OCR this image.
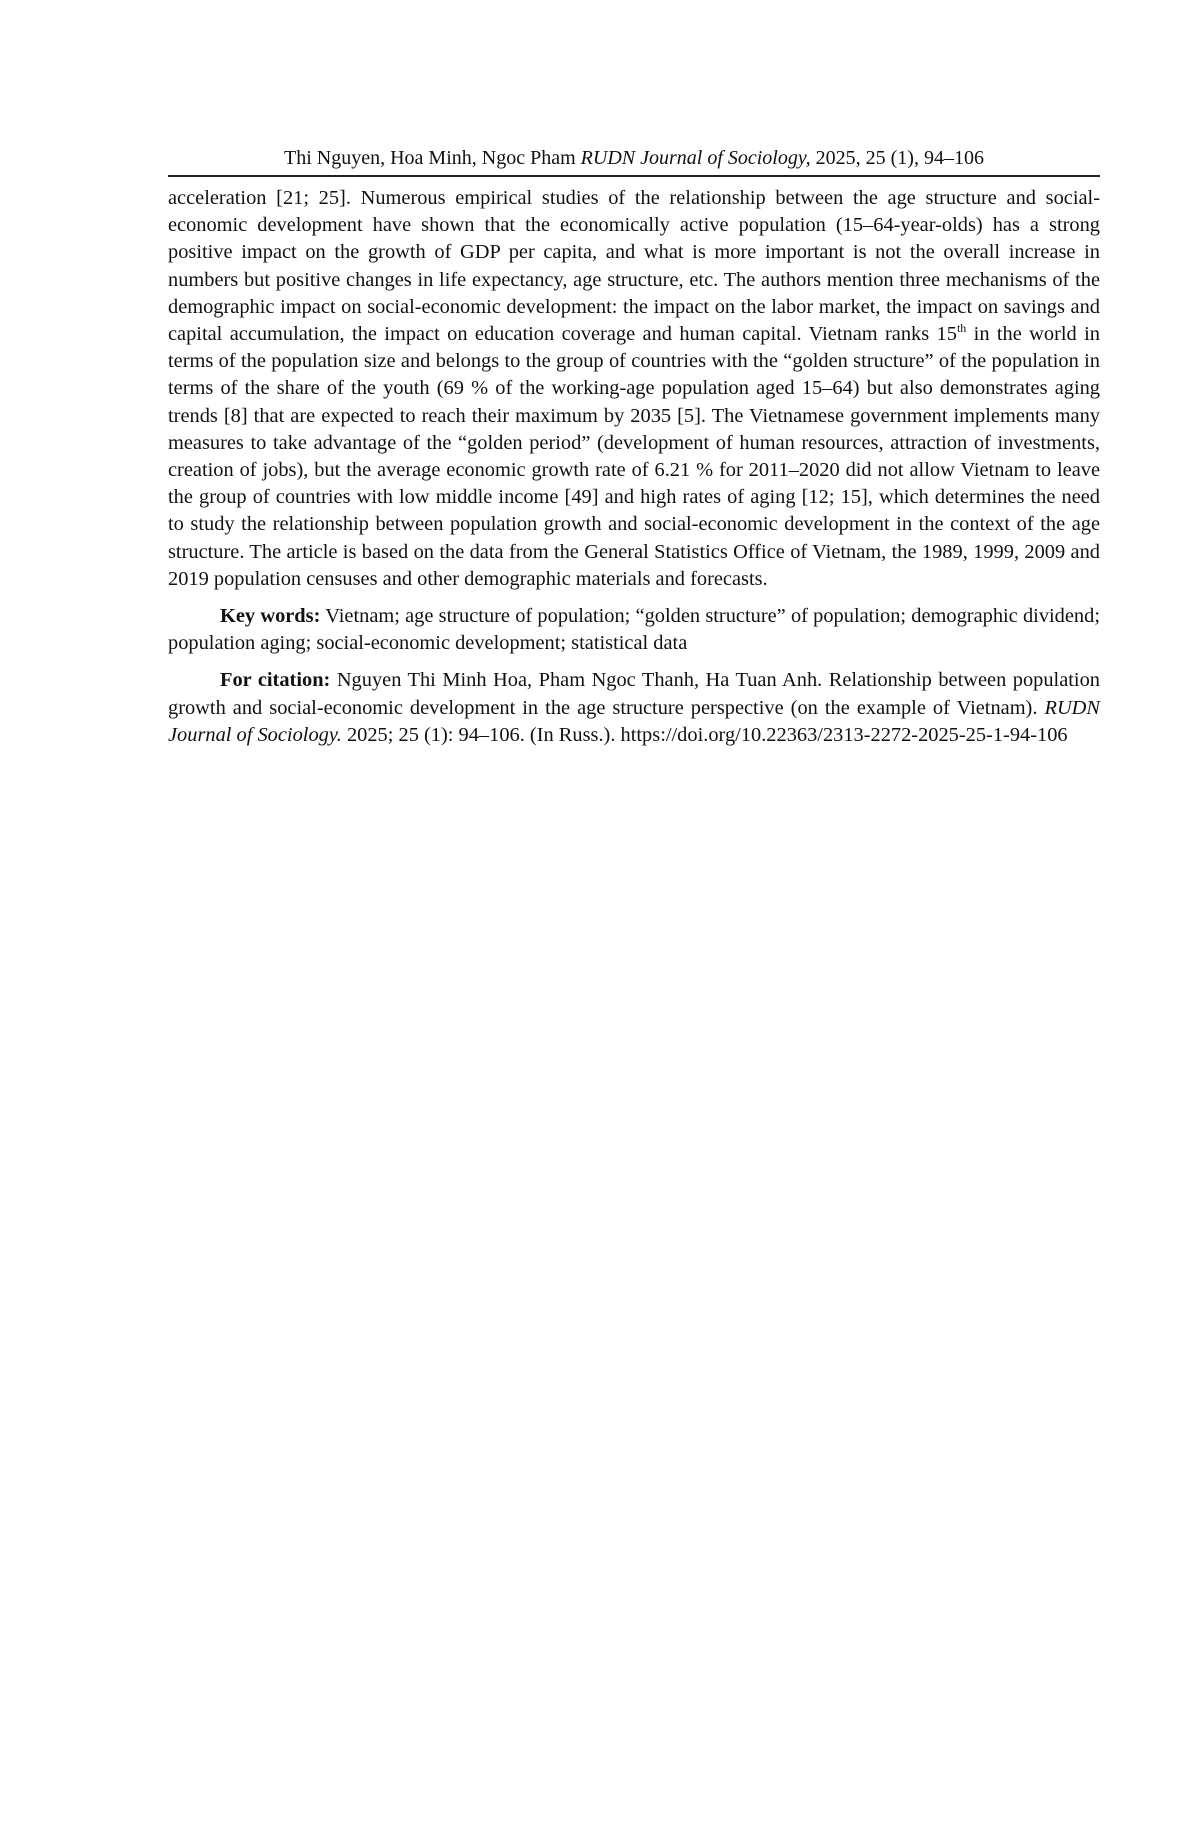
Thi Nguyen, Hoa Minh, Ngoc Pham RUDN Journal of Sociology, 2025, 25 (1), 94–106

acceleration [21; 25]. Numerous empirical studies of the relationship between the age structure and social-economic development have shown that the economically active population (15–64-year-olds) has a strong positive impact on the growth of GDP per capita, and what is more important is not the overall increase in numbers but positive changes in life expectancy, age structure, etc. The authors mention three mechanisms of the demographic impact on social-economic development: the impact on the labor market, the impact on savings and capital accumulation, the impact on education coverage and human capital. Vietnam ranks 15th in the world in terms of the population size and belongs to the group of countries with the “golden structure” of the population in terms of the share of the youth (69 % of the working-age population aged 15–64) but also demonstrates aging trends [8] that are expected to reach their maximum by 2035 [5]. The Vietnamese government implements many measures to take advantage of the “golden period” (development of human resources, attraction of investments, creation of jobs), but the average economic growth rate of 6.21 % for 2011–2020 did not allow Vietnam to leave the group of countries with low middle income [49] and high rates of aging [12; 15], which determines the need to study the relationship between population growth and social-economic development in the context of the age structure. The article is based on the data from the General Statistics Office of Vietnam, the 1989, 1999, 2009 and 2019 population censuses and other demographic materials and forecasts.

Key words: Vietnam; age structure of population; “golden structure” of population; demographic dividend; population aging; social-economic development; statistical data

For citation: Nguyen Thi Minh Hoa, Pham Ngoc Thanh, Ha Tuan Anh. Relationship between population growth and social-economic development in the age structure perspective (on the example of Vietnam). RUDN Journal of Sociology. 2025; 25 (1): 94–106. (In Russ.). https://doi.org/10.22363/2313-2272-2025-25-1-94-106
